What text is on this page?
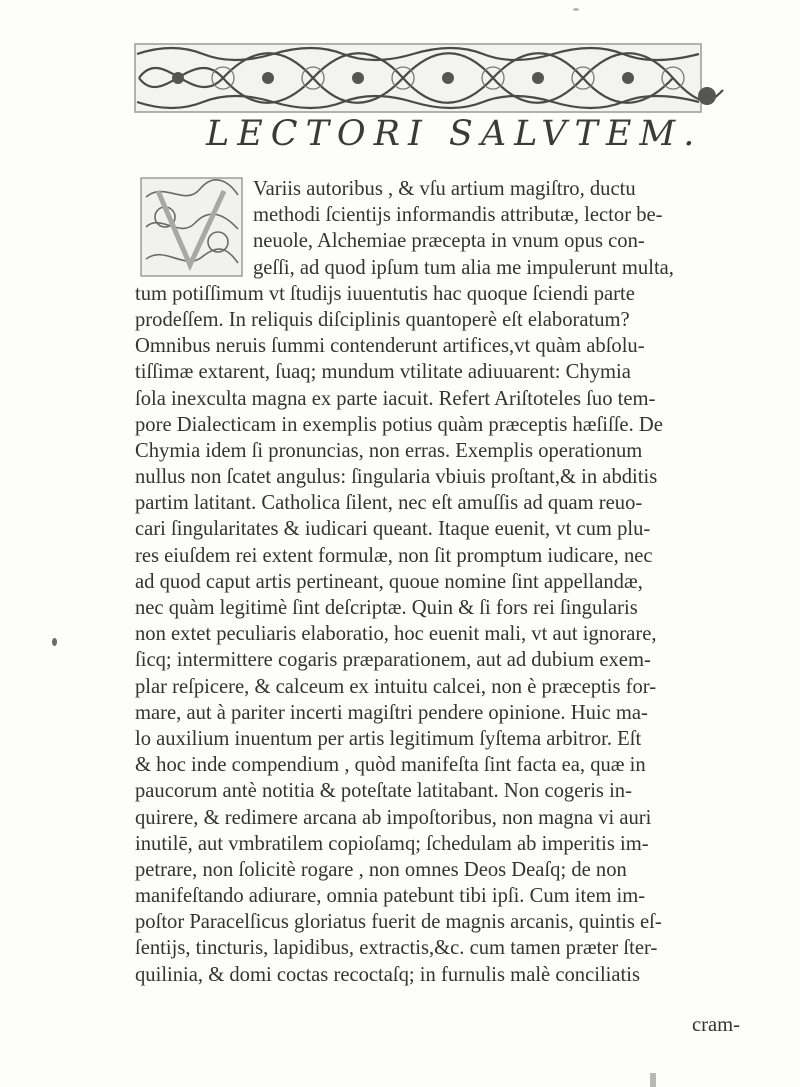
LECTORI SALVTEM.
Variis autoribus , & vſu artium magiſtro, ductu
methodi ſcientijs informandis attributæ, lector be-
neuole, Alchemiae præcepta in vnum opus con-
geſſi, ad quod ipſum tum alia me impulerunt multa,
tum potiſſimum vt ſtudijs iuuentutis hac quoque ſciendi parte
prodeſſem. In reliquis diſciplinis quantoperè eſt elaboratum?
Omnibus neruis ſummi contenderunt artifices,vt quàm abſolu-
tiſſimæ extarent, ſuaq; mundum vtilitate adiuuarent: Chymia
ſola inexculta magna ex parte iacuit. Refert Ariſtoteles ſuo tem-
pore Dialecticam in exemplis potius quàm præceptis hæſiſſe. De
Chymia idem ſi pronuncias, non erras. Exemplis operationum
nullus non ſcatet angulus: ſingularia vbiuis proſtant,& in abditis
partim latitant. Catholica ſilent, nec eſt amuſſis ad quam reuo-
cari ſingularitates & iudicari queant. Itaque euenit, vt cum plu-
res eiuſdem rei extent formulæ, non ſit promptum iudicare, nec
ad quod caput artis pertineant, quoue nomine ſint appellandæ,
nec quàm legitimè ſint deſcriptæ. Quin & ſi fors rei ſingularis
non extet peculiaris elaboratio, hoc euenit mali, vt aut ignorare,
ſicq; intermittere cogaris præparationem, aut ad dubium exem-
plar reſpicere, & calceum ex intuitu calcei, non è præceptis for-
mare, aut à pariter incerti magiſtri pendere opinione. Huic ma-
lo auxilium inuentum per artis legitimum ſyſtema arbitror. Eſt
& hoc inde compendium , quòd manifeſta ſint facta ea, quæ in
paucorum antè notitia & poteſtate latitabant. Non cogeris in-
quirere, & redimere arcana ab impoſtoribus, non magna vi auri
inutilē, aut vmbratilem copioſamq; ſchedulam ab imperitis im-
petrare, non ſolicitè rogare , non omnes Deos Deaſq; de non
manifeſtando adiurare, omnia patebunt tibi ipſi. Cum item im-
poſtor Paracelſicus gloriatus fuerit de magnis arcanis, quintis eſ-
ſentijs, tincturis, lapidibus, extractis,&c. cum tamen præter ſter-
quilinia, & domi coctas recoctaſq; in furnulis malè conciliatis
cram-
